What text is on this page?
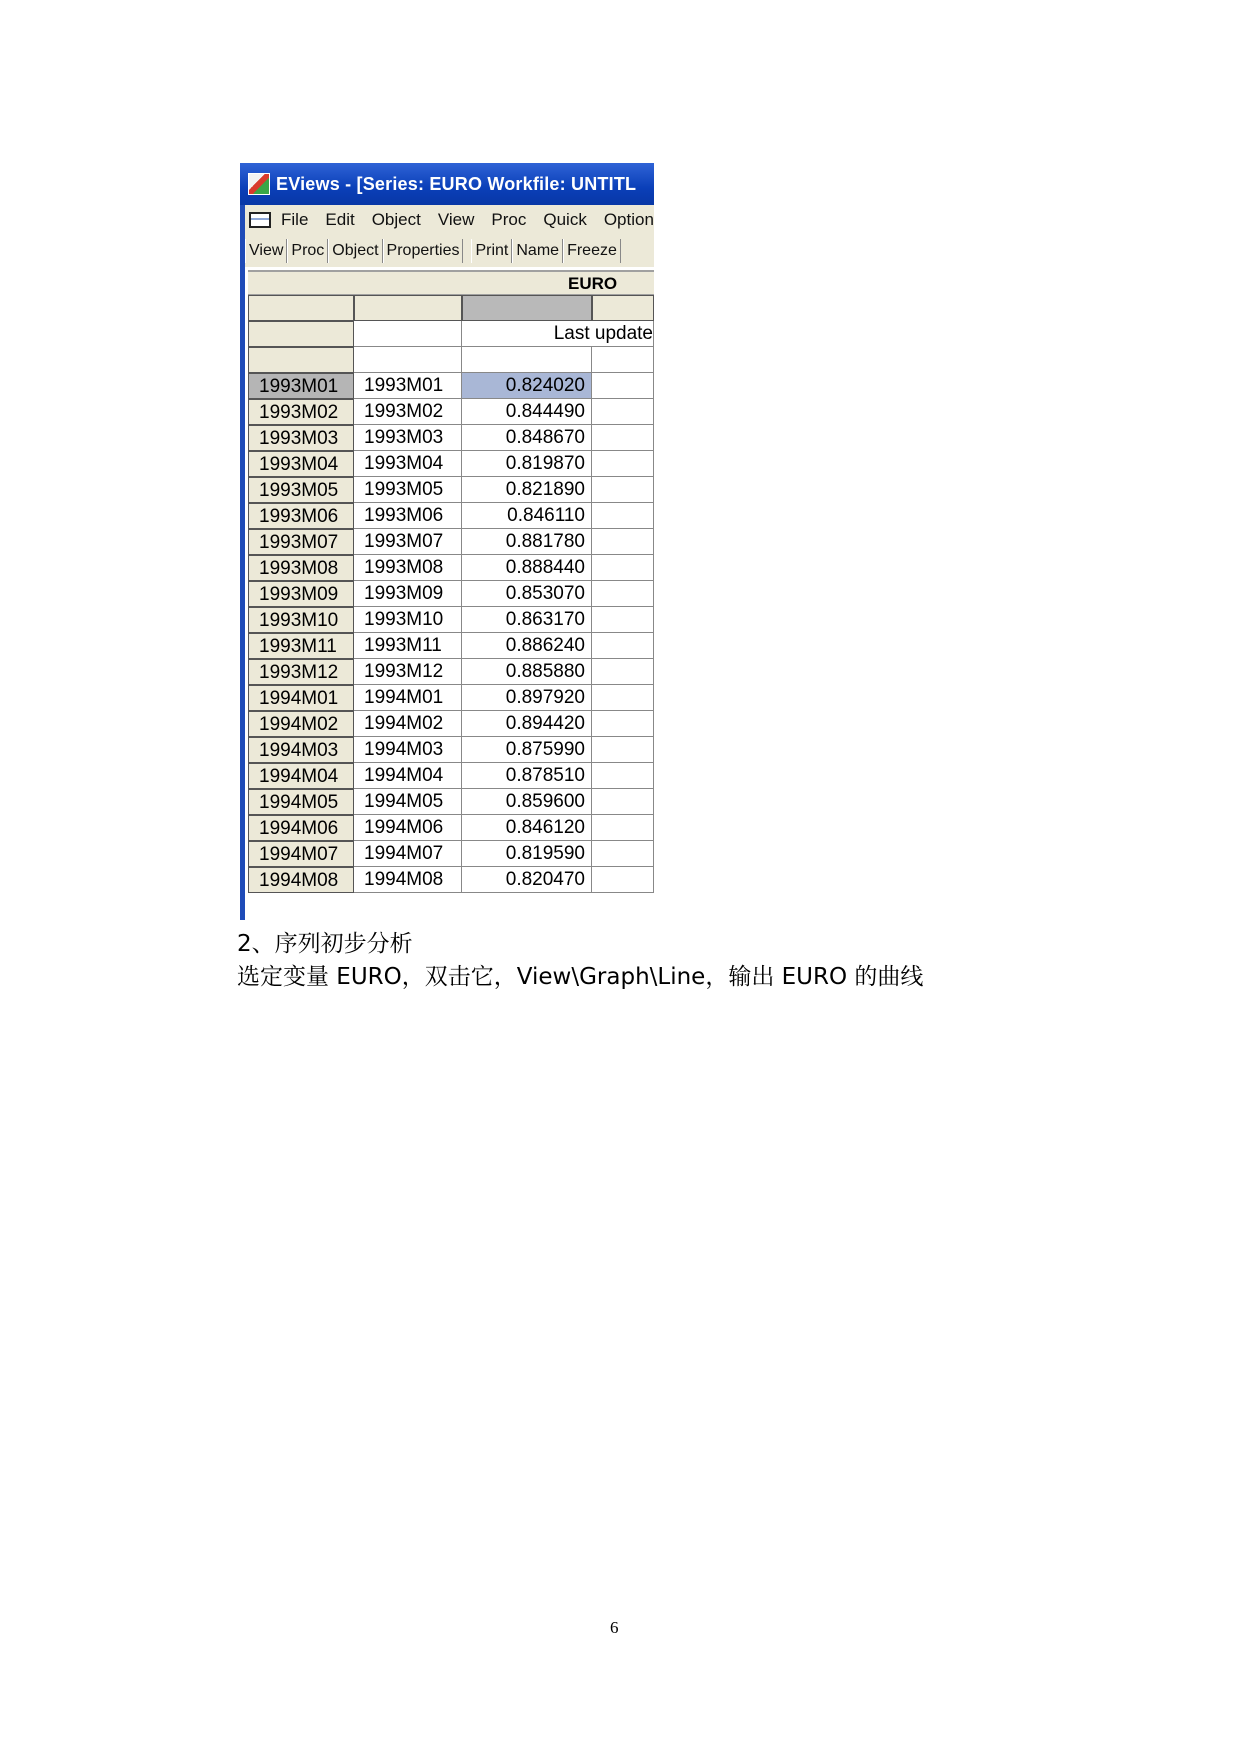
EViews - [Series: EURO Workfile: UNTITL
File Edit Object View Proc Quick Option
View Proc Object Properties Print Name Freeze
EURO
Last update
1993M01	1993M01	0.824020
1993M02	1993M02	0.844490
1993M03	1993M03	0.848670
1993M04	1993M04	0.819870
1993M05	1993M05	0.821890
1993M06	1993M06	0.846110
1993M07	1993M07	0.881780
1993M08	1993M08	0.888440
1993M09	1993M09	0.853070
1993M10	1993M10	0.863170
1993M11	1993M11	0.886240
1993M12	1993M12	0.885880
1994M01	1994M01	0.897920
1994M02	1994M02	0.894420
1994M03	1994M03	0.875990
1994M04	1994M04	0.878510
1994M05	1994M05	0.859600
1994M06	1994M06	0.846120
1994M07	1994M07	0.819590
1994M08	1994M08	0.820470
2、序列初步分析
选定变量 EURO，双击它，View\Graph\Line，输出 EURO 的曲线
6
